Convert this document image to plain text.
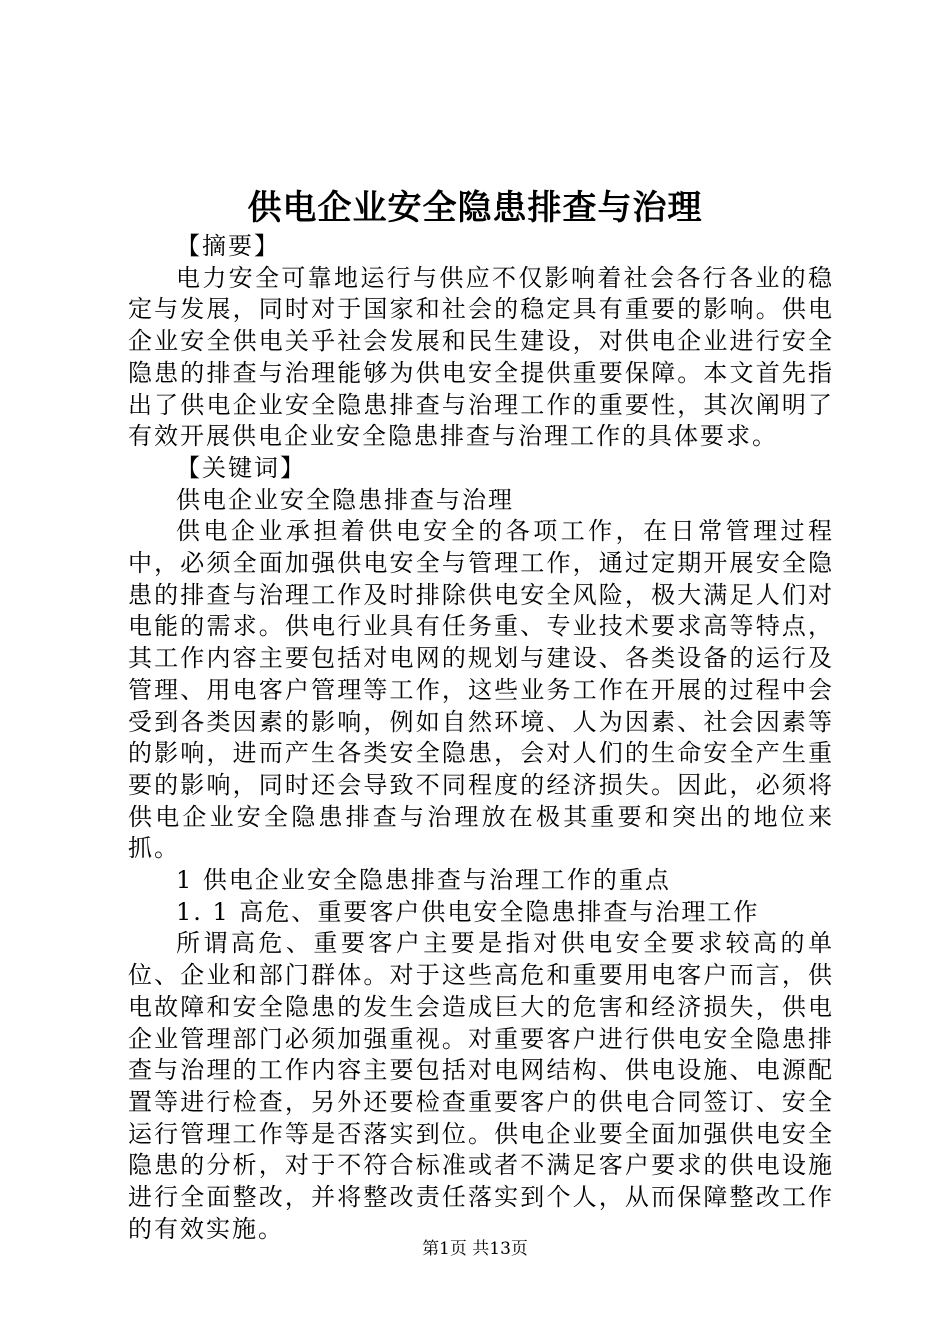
供电企业安全隐患排查与治理

【摘要】

电力安全可靠地运行与供应不仅影响着社会各行各业的稳定与发展，同时对于国家和社会的稳定具有重要的影响。供电企业安全供电关乎社会发展和民生建设，对供电企业进行安全隐患的排查与治理能够为供电安全提供重要保障。本文首先指出了供电企业安全隐患排查与治理工作的重要性，其次阐明了有效开展供电企业安全隐患排查与治理工作的具体要求。

【关键词】

供电企业安全隐患排查与治理

供电企业承担着供电安全的各项工作，在日常管理过程中，必须全面加强供电安全与管理工作，通过定期开展安全隐患的排查与治理工作及时排除供电安全风险，极大满足人们对电能的需求。供电行业具有任务重、专业技术要求高等特点，其工作内容主要包括对电网的规划与建设、各类设备的运行及管理、用电客户管理等工作，这些业务工作在开展的过程中会受到各类因素的影响，例如自然环境、人为因素、社会因素等的影响，进而产生各类安全隐患，会对人们的生命安全产生重要的影响，同时还会导致不同程度的经济损失。因此，必须将供电企业安全隐患排查与治理放在极其重要和突出的地位来抓。

1 供电企业安全隐患排查与治理工作的重点

1. 1 高危、重要客户供电安全隐患排查与治理工作

所谓高危、重要客户主要是指对供电安全要求较高的单位、企业和部门群体。对于这些高危和重要用电客户而言，供电故障和安全隐患的发生会造成巨大的危害和经济损失，供电企业管理部门必须加强重视。对重要客户进行供电安全隐患排查与治理的工作内容主要包括对电网结构、供电设施、电源配置等进行检查，另外还要检查重要客户的供电合同签订、安全运行管理工作等是否落实到位。供电企业要全面加强供电安全隐患的分析，对于不符合标准或者不满足客户要求的供电设施进行全面整改，并将整改责任落实到个人，从而保障整改工作的有效实施。

第1页 共13页
